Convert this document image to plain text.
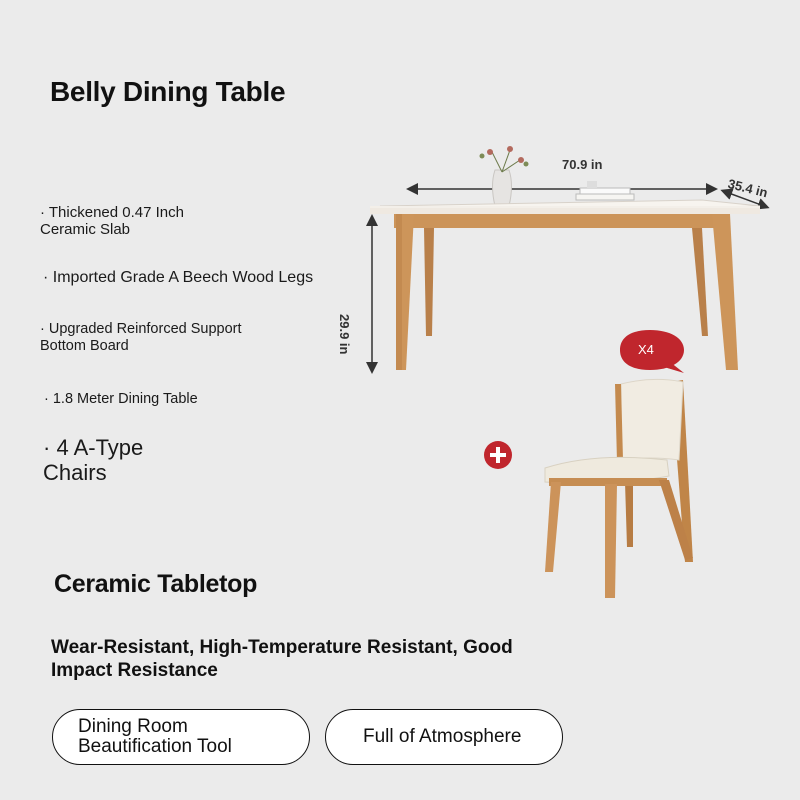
Belly Dining Table
· Thickened 0.47 Inch
Ceramic Slab
· Imported Grade A Beech Wood Legs
· Upgraded Reinforced Support
Bottom Board
· 1.8 Meter Dining Table
· 4 A-Type
Chairs
70.9 in
35.4 in
29.9 in	X4
Ceramic Tabletop
Wear-Resistant, High-Temperature Resistant, Good Impact Resistance
Dining Room
Beautification Tool	Full of Atmosphere
